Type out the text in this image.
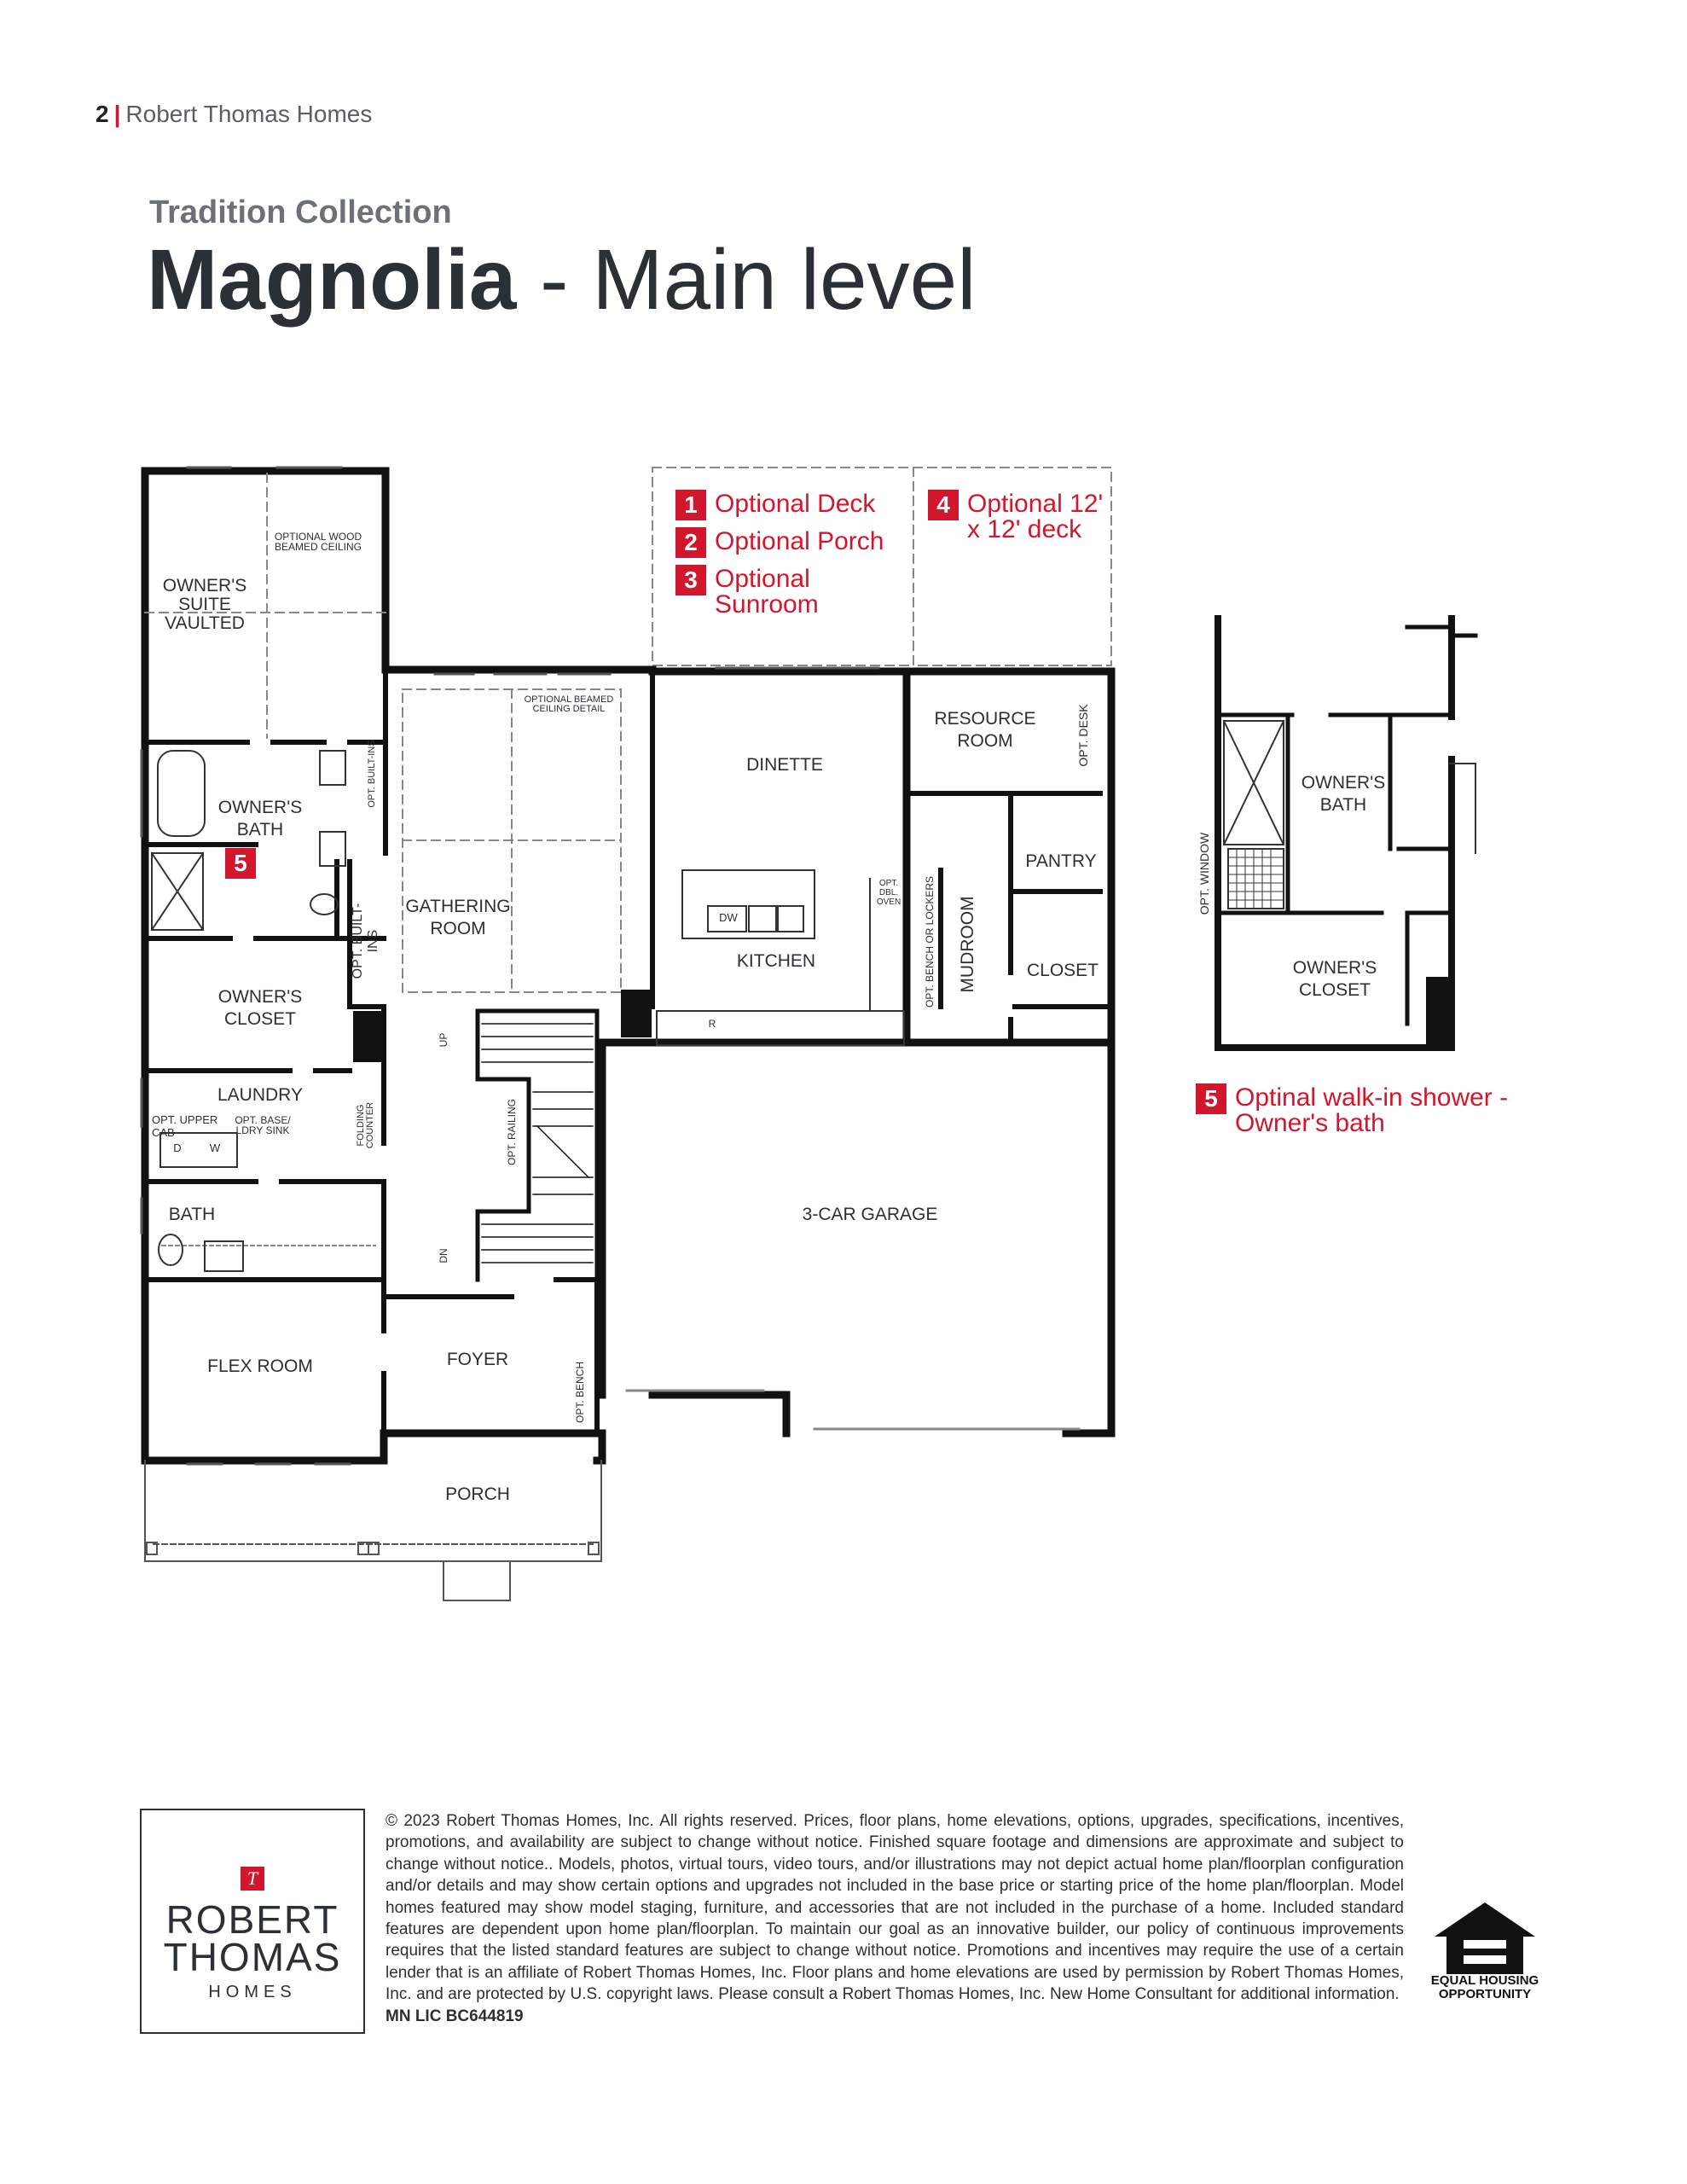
2 | Robert Thomas Homes
Tradition Collection
Magnolia - Main level
OWNER'S SUITE VAULTED
OPTIONAL WOOD BEAMED CEILING
OPTIONAL BEAMED CEILING DETAIL
OWNER'S BATH
OPT. BUILT-INS
OPT. BUILT-INS
GATHERING ROOM
DINETTE
KITCHEN
DW
R
OPT. DBL. OVEN
RESOURCE ROOM	OPT. DESK
PANTRY
MUDROOM
OPT. BENCH OR LOCKERS	CLOSET
OWNER'S CLOSET
LAUNDRY
OPT. UPPER CAB
OPT. BASE/ LDRY SINK
D	W
FOLDING COUNTER
UP
DN
OPT. RAILING
3-CAR GARAGE
BATH
FLEX ROOM	FOYER
OPT. BENCH
PORCH
OWNER'S BATH
OWNER'S CLOSET
OPT. WINDOW
1 Optional Deck
2 Optional Porch
3 Optional Sunroom
4 Optional 12' x 12' deck
5 Optinal walk-in shower - Owner's bath
5
T
ROBERT
THOMAS
HOMES
© 2023 Robert Thomas Homes, Inc. All rights reserved. Prices, floor plans, home elevations, options, upgrades, specifications, incentives, promotions, and availability are subject to change without notice. Finished square footage and dimensions are approximate and subject to change without notice.. Models, photos, virtual tours, video tours, and/or illustrations may not depict actual home plan/floorplan configuration and/or details and may show certain options and upgrades not included in the base price or starting price of the home plan/floorplan. Model homes featured may show model staging, furniture, and accessories that are not included in the purchase of a home. Included standard features are dependent upon home plan/floorplan. To maintain our goal as an innovative builder, our policy of continuous improvements requires that the listed standard features are subject to change without notice. Promotions and incentives may require the use of a certain lender that is an affiliate of Robert Thomas Homes, Inc. Floor plans and home elevations are used by permission by Robert Thomas Homes, Inc. and are protected by U.S. copyright laws. Please consult a Robert Thomas Homes, Inc. New Home Consultant for additional information.  MN LIC BC644819
EQUAL HOUSING
OPPORTUNITY
